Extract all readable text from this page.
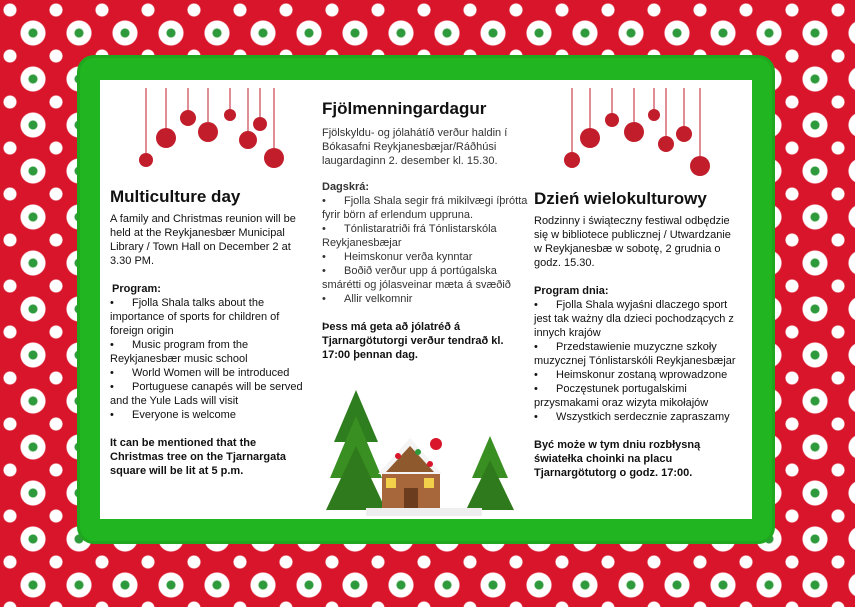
Multiculture day

A family and Christmas reunion will be held at the Reykjanesbær Municipal Library / Town Hall on December 2 at 3.30 PM.

Program:

• Fjolla Shala talks about the importance of sports for children of foreign origin
• Music program from the Reykjanesbær music school
• World Women will be introduced
• Portuguese canapés will be served and the Yule Lads will visit
• Everyone is welcome

It can be mentioned that the Christmas tree on the Tjarnargata square will be lit at 5 p.m.

Fjölmenningardagur

Fjölskyldu- og jólahátíð verður haldin í Bókasafni Reykjanesbæjar/Ráðhúsi laugardaginn 2. desember kl. 15.30.

Dagskrá:

• Fjolla Shala segir frá mikilvægi íþrótta fyrir börn af erlendum uppruna.
• Tónlistaratriði frá Tónlistarskóla Reykjanesbæjar
• Heimskonur verða kynntar
• Boðið verður upp á portúgalska smárétti og jólasveinar mæta á svæðið
• Allir velkomnir

Þess má geta að jólatréð á Tjarnargötutorgi verður tendrað kl. 17:00 þennan dag.

Dzień wielokulturowy

Rodzinny i świąteczny festiwal odbędzie się w bibliotece publicznej / Utwardzanie w Reykjanesbæ w sobotę, 2 grudnia o godz. 15.30.

Program dnia:

• Fjolla Shala wyjaśni dlaczego sport jest tak ważny dla dzieci pochodzących z innych krajów
• Przedstawienie muzyczne szkoły muzycznej Tónlistarskóli Reykjanesbæjar
• Heimskonur zostaną wprowadzone
• Poczęstunek portugalskimi przysmakami oraz wizyta mikołajów
• Wszystkich serdecznie zapraszamy

Być może w tym dniu rozbłysną światełka choinki na placu Tjarnargötutorg o godz. 17:00.
